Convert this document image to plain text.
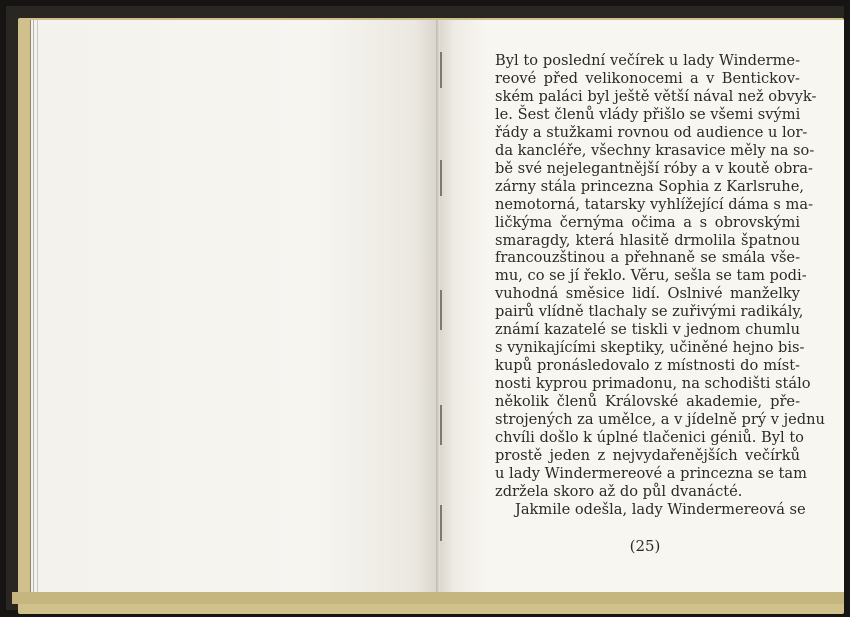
Byl to poslední večírek u lady Winderme-
reové před velikonocemi a v Bentickov-
ském paláci byl ještě větší nával než obvyk-
le. Šest členů vlády přišlo se všemi svými
řády a stužkami rovnou od audience u lor-
da kancléře, všechny krasavice měly na so-
bě své nejelegantnější róby a v koutě obra-
zárny stála princezna Sophia z Karlsruhe,
nemotorná, tatarsky vyhlížející dáma s ma-
ličkýma černýma očima a s obrovskými
smaragdy, která hlasitě drmolila špatnou
francouzštinou a přehnaně se smála vše-
mu, co se jí řeklo. Věru, sešla se tam podi-
vuhodná směsice lidí. Oslnivé manželky
pairů vlídně tlachaly se zuřivými radikály,
známí kazatelé se tiskli v jednom chumlu
s vynikajícími skeptiky, učiněné hejno bis-
kupů pronásledovalo z místnosti do míst-
nosti kyprou primadonu, na schodišti stálo
několik členů Královské akademie, pře-
strojených za umělce, a v jídelně prý v jednu
chvíli došlo k úplné tlačenici géniů. Byl to
prostě jeden z nejvydařenějších večírků
u lady Windermereové a princezna se tam
zdržela skoro až do půl dvanácté.
Jakmile odešla, lady Windermereová se
(25)
